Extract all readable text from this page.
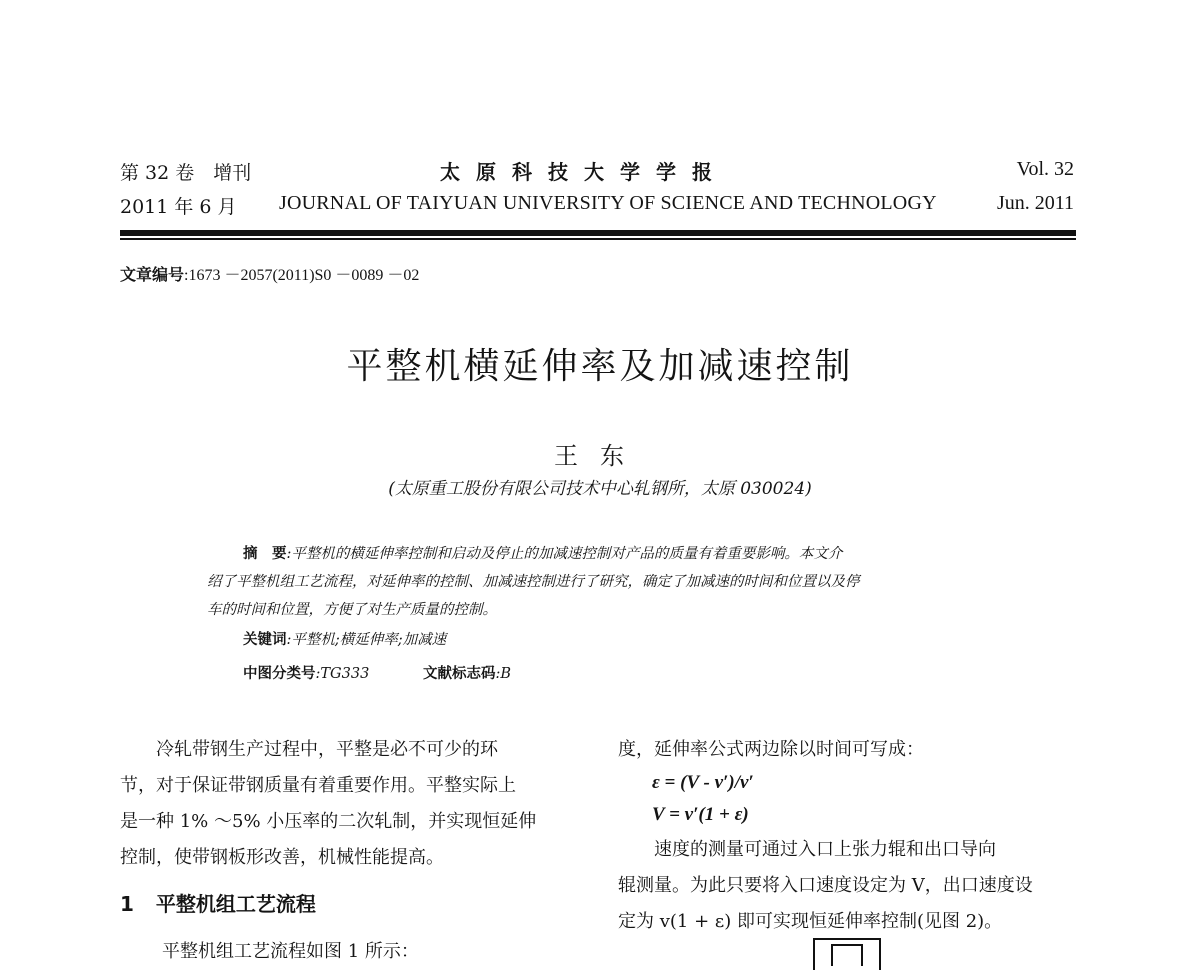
第 32 卷　增刊
2011 年 6 月
太原科技大学学报
JOURNAL OF TAIYUAN UNIVERSITY OF SCIENCE AND TECHNOLOGY
Vol. 32
Jun. 2011
文章编号:1673 －2057(2011)S0 －0089 －02
平整机横延伸率及加减速控制
王东
(太原重工股份有限公司技术中心轧钢所，太原 030024)
摘　要:平整机的横延伸率控制和启动及停止的加减速控制对产品的质量有着重要影响。本文介
绍了平整机组工艺流程，对延伸率的控制、加减速控制进行了研究，确定了加减速的时间和位置以及停
车的时间和位置，方便了对生产质量的控制。
关键词:平整机;横延伸率;加减速
中图分类号:TG333	文献标志码:B
冷轧带钢生产过程中，平整是必不可少的环
节，对于保证带钢质量有着重要作用。平整实际上
是一种 1% ～5% 小压率的二次轧制，并实现恒延伸
控制，使带钢板形改善，机械性能提高。
1 平整机组工艺流程
平整机组工艺流程如图 1 所示：
度，延伸率公式两边除以时间可写成：
ε = (V - v′)/v′
V = v′(1 + ε)
速度的测量可通过入口上张力辊和出口导向
辊测量。为此只要将入口速度设定为 V，出口速度设
定为 v(1 + ε) 即可实现恒延伸率控制(见图 2)。
